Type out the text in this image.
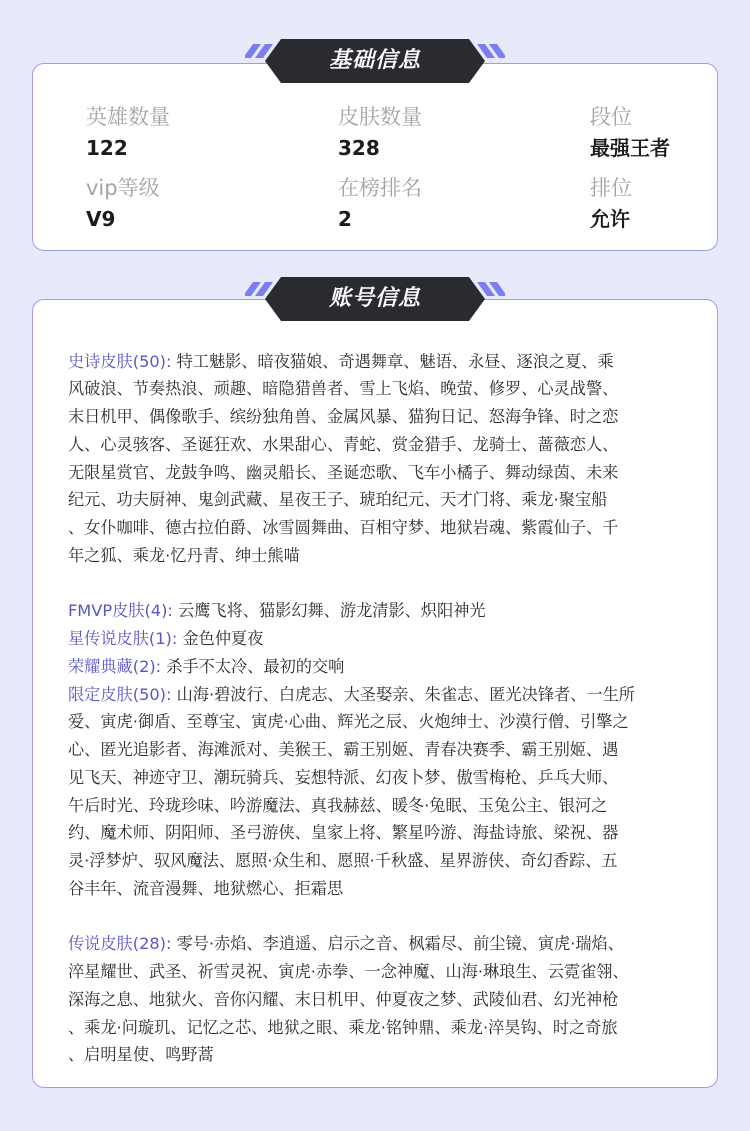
基础信息
英雄数量
122
皮肤数量
328
段位
最强王者
vip等级
V9
在榜排名
2
排位
允许
账号信息
史诗皮肤(50): 特工魅影、暗夜猫娘、奇遇舞章、魅语、永昼、逐浪之夏、乘
风破浪、节奏热浪、顽趣、暗隐猎兽者、雪上飞焰、晚萤、修罗、心灵战警、
末日机甲、偶像歌手、缤纷独角兽、金属风暴、猫狗日记、怒海争锋、时之恋
人、心灵骇客、圣诞狂欢、水果甜心、青蛇、赏金猎手、龙骑士、蔷薇恋人、
无限星赏官、龙鼓争鸣、幽灵船长、圣诞恋歌、飞车小橘子、舞动绿茵、未来
纪元、功夫厨神、鬼剑武藏、星夜王子、琥珀纪元、天才门将、乘龙·聚宝船
、女仆咖啡、德古拉伯爵、冰雪圆舞曲、百相守梦、地狱岩魂、紫霞仙子、千
年之狐、乘龙·忆丹青、绅士熊喵
FMVP皮肤(4): 云鹰飞将、猫影幻舞、游龙清影、炽阳神光
星传说皮肤(1): 金色仲夏夜
荣耀典藏(2): 杀手不太冷、最初的交响
限定皮肤(50): 山海·碧波行、白虎志、大圣娶亲、朱雀志、匿光决锋者、一生所
爱、寅虎·御盾、至尊宝、寅虎·心曲、辉光之辰、火炮绅士、沙漠行僧、引擎之
心、匿光追影者、海滩派对、美猴王、霸王别姬、青春决赛季、霸王别姬、遇
见飞天、神迹守卫、潮玩骑兵、妄想特派、幻夜卜梦、傲雪梅枪、乒乓大师、
午后时光、玲珑珍味、吟游魔法、真我赫兹、暖冬·兔眠、玉兔公主、银河之
约、魔术师、阴阳师、圣弓游侠、皇家上将、繁星吟游、海盐诗旅、梁祝、器
灵·浮梦炉、驭风魔法、愿照·众生和、愿照·千秋盛、星界游侠、奇幻香踪、五
谷丰年、流音漫舞、地狱燃心、拒霜思
传说皮肤(28): 零号·赤焰、李逍遥、启示之音、枫霜尽、前尘镜、寅虎·瑞焰、
淬星耀世、武圣、祈雪灵祝、寅虎·赤拳、一念神魔、山海·琳琅生、云霓雀翎、
深海之息、地狱火、音你闪耀、末日机甲、仲夏夜之梦、武陵仙君、幻光神枪
、乘龙·问璇玑、记忆之芯、地狱之眼、乘龙·铭钟鼎、乘龙·淬昊钩、时之奇旅
、启明星使、鸣野蒿
